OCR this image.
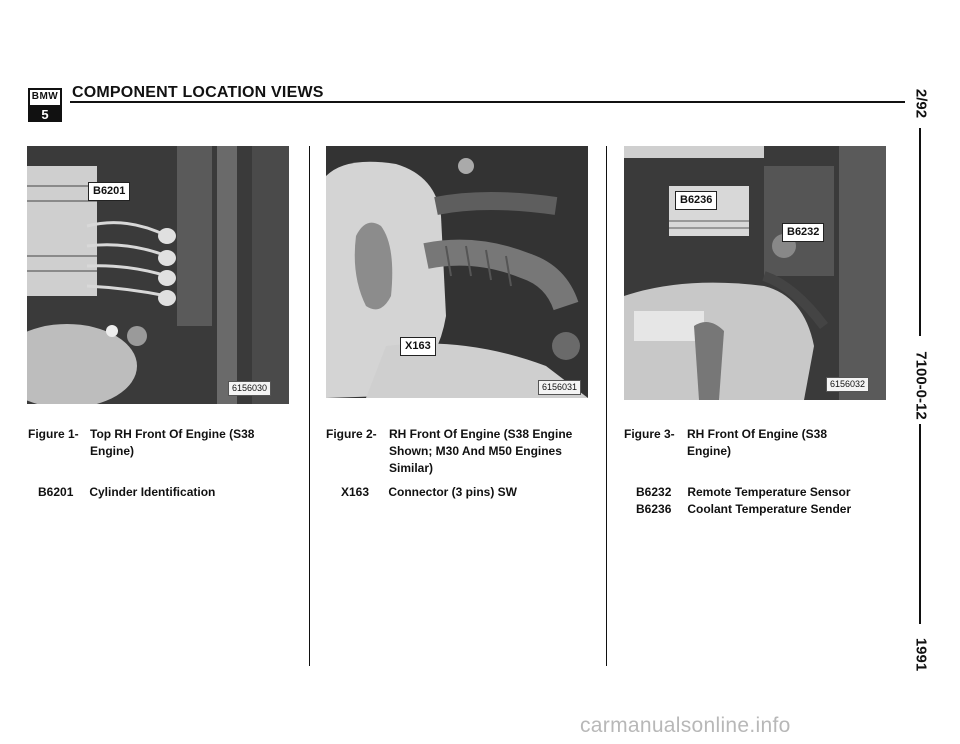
BMW
5
COMPONENT LOCATION VIEWS	2/92
7100-0-12
1991
B6201
6156030
X163
6156031
B6236
B6232
6156032
Figure 1- Top RH Front Of Engine (S38
Engine)
B6201 Cylinder Identification
Figure 2- RH Front Of Engine (S38 Engine
Shown; M30 And M50 Engines
Similar)
X163 Connector (3 pins) SW
Figure 3- RH Front Of Engine (S38
Engine)
B6232 Remote Temperature Sensor
B6236 Coolant Temperature Sender
carmanualsonline.info
